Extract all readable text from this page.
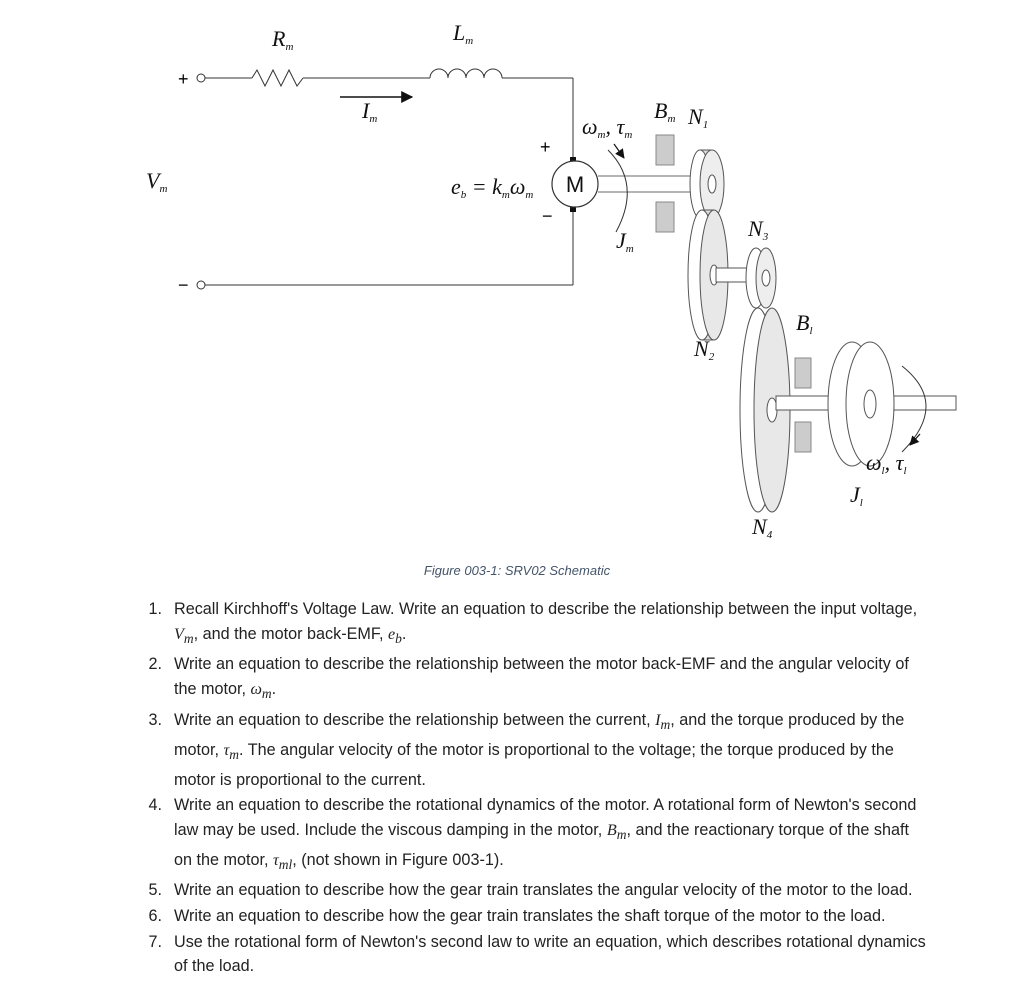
M
Rm
Lm
Im
Vm
+
−
+
−
eb = kmωm
ωm, τm
Jm
Bm N1
N3
N2
Bl
ωl, τl
Jl
N4
Figure 003-1: SRV02 Schematic
1. Recall Kirchhoff's Voltage Law. Write an equation to describe the relationship between the input voltage, $V_m$, and the motor back-EMF, $e_b$.
2. Write an equation to describe the relationship between the motor back-EMF and the angular velocity of the motor, $\omega_m$.
3. Write an equation to describe the relationship between the current, $I_m$, and the torque produced by the motor, $\tau_m$. The angular velocity of the motor is proportional to the voltage; the torque produced by the motor is proportional to the current.
4. Write an equation to describe the rotational dynamics of the motor. A rotational form of Newton's second law may be used. Include the viscous damping in the motor, $B_m$, and the reactionary torque of the shaft on the motor, $\tau_{ml}$, (not shown in Figure 003-1).
5. Write an equation to describe how the gear train translates the angular velocity of the motor to the load.
6. Write an equation to describe how the gear train translates the shaft torque of the motor to the load.
7. Use the rotational form of Newton's second law to write an equation, which describes rotational dynamics of the load.
